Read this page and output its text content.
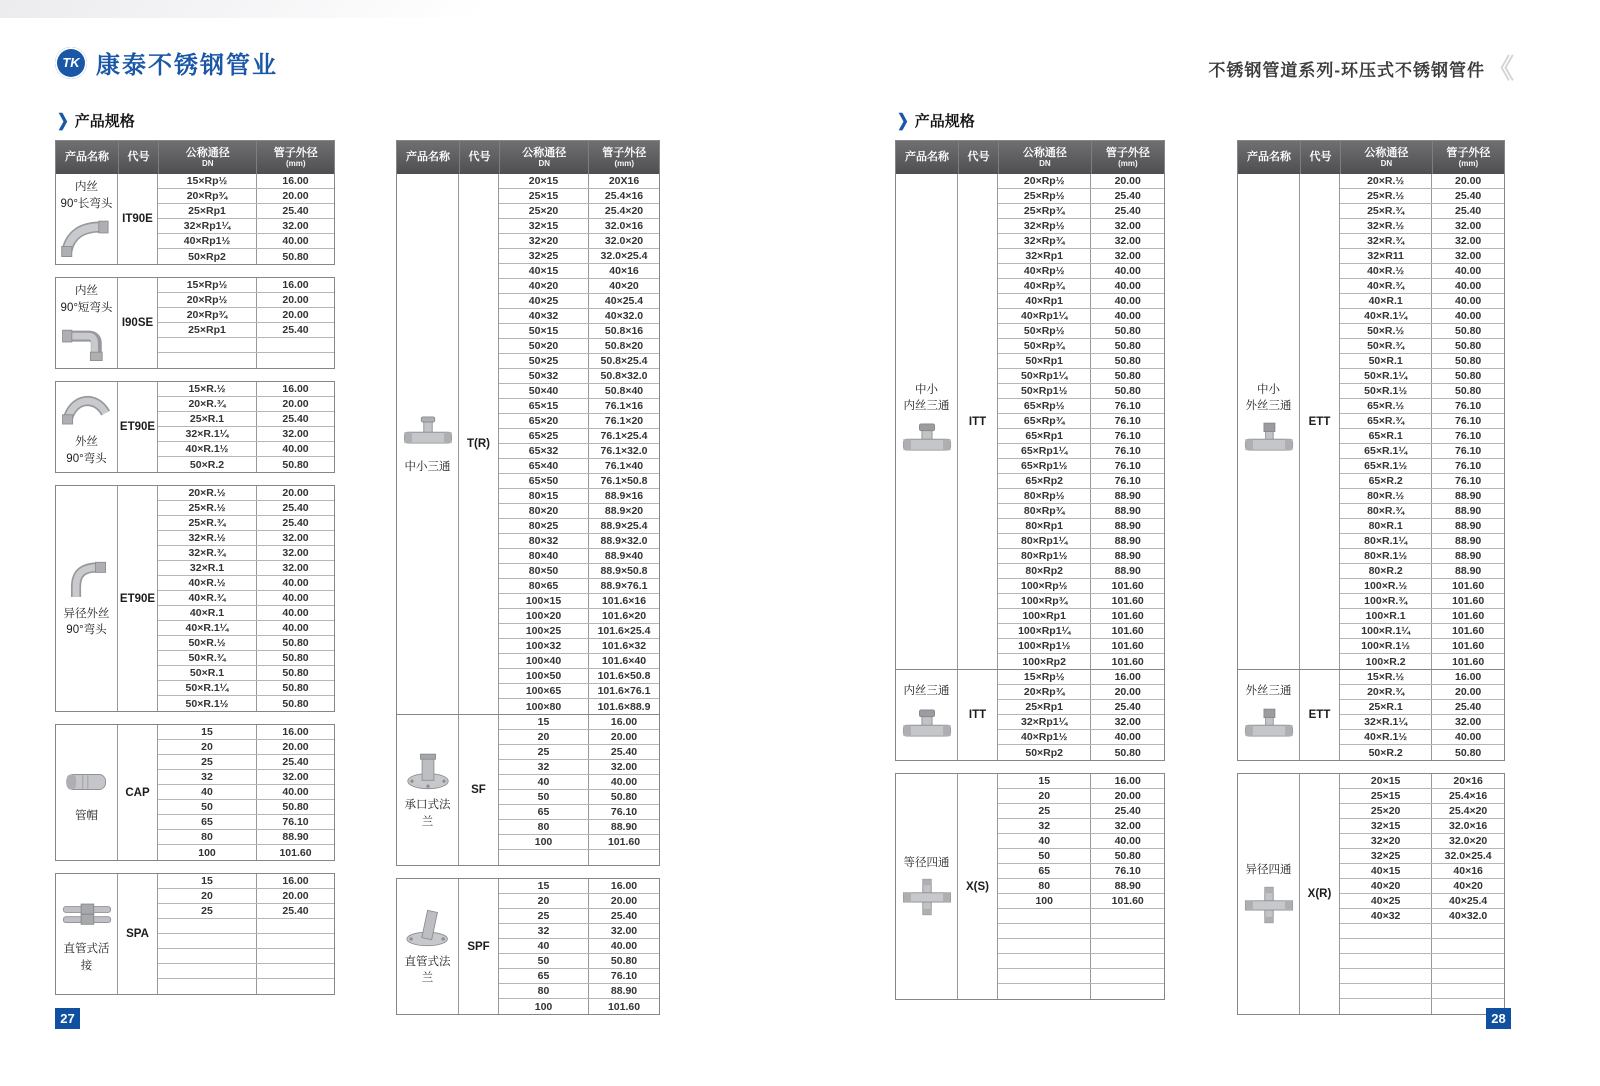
TK 康泰不锈钢管业	不锈钢管道系列-环压式不锈钢管件 《
❯ 产品规格	❯ 产品规格
产品名称	代号	公称通径
DN
管子外径
(mm)
内丝
90°长弯头
IT90E
15×Rp½	16.00
20×Rp¾	20.00
25×Rp1	25.40
32×Rp1¼	32.00
40×Rp1½	40.00
50×Rp2	50.80
内丝
90°短弯头
I90SE
15×Rp½	16.00
20×Rp½	20.00
20×Rp¾	20.00
25×Rp1	25.40
外丝
90°弯头
ET90E
15×R.½	16.00
20×R.¾	20.00
25×R.1	25.40
32×R.1¼	32.00
40×R.1½	40.00
50×R.2	50.80
异径外丝
90°弯头
ET90E
20×R.½	20.00
25×R.½	25.40
25×R.¾	25.40
32×R.½	32.00
32×R.¾	32.00
32×R.1	32.00
40×R.½	40.00
40×R.¾	40.00
40×R.1	40.00
40×R.1¼	40.00
50×R.½	50.80
50×R.¾	50.80
50×R.1	50.80
50×R.1¼	50.80
50×R.1½	50.80
管帽
CAP
15	16.00
20	20.00
25	25.40
32	32.00
40	40.00
50	50.80
65	76.10
80	88.90
100	101.60
直管式活接
SPA
15	16.00
20	20.00
25	25.40
产品名称	代号	公称通径
DN
管子外径
(mm)
中小三通
T(R)
20×15	20X16
25×15	25.4×16
25×20	25.4×20
32×15	32.0×16
32×20	32.0×20
32×25	32.0×25.4
40×15	40×16
40×20	40×20
40×25	40×25.4
40×32	40×32.0
50×15	50.8×16
50×20	50.8×20
50×25	50.8×25.4
50×32	50.8×32.0
50×40	50.8×40
65×15	76.1×16
65×20	76.1×20
65×25	76.1×25.4
65×32	76.1×32.0
65×40	76.1×40
65×50	76.1×50.8
80×15	88.9×16
80×20	88.9×20
80×25	88.9×25.4
80×32	88.9×32.0
80×40	88.9×40
80×50	88.9×50.8
80×65	88.9×76.1
100×15	101.6×16
100×20	101.6×20
100×25	101.6×25.4
100×32	101.6×32
100×40	101.6×40
100×50	101.6×50.8
100×65	101.6×76.1
100×80	101.6×88.9
承口式法兰
SF
15	16.00
20	20.00
25	25.40
32	32.00
40	40.00
50	50.80
65	76.10
80	88.90
100	101.60
直管式法兰
SPF
15	16.00
20	20.00
25	25.40
32	32.00
40	40.00
50	50.80
65	76.10
80	88.90
100	101.60
产品名称	代号	公称通径
DN
管子外径
(mm)
中小
内丝三通
ITT
20×Rp½	20.00
25×Rp½	25.40
25×Rp¾	25.40
32×Rp½	32.00
32×Rp¾	32.00
32×Rp1	32.00
40×Rp½	40.00
40×Rp¾	40.00
40×Rp1	40.00
40×Rp1¼	40.00
50×Rp½	50.80
50×Rp¾	50.80
50×Rp1	50.80
50×Rp1¼	50.80
50×Rp1½	50.80
65×Rp½	76.10
65×Rp¾	76.10
65×Rp1	76.10
65×Rp1¼	76.10
65×Rp1½	76.10
65×Rp2	76.10
80×Rp½	88.90
80×Rp¾	88.90
80×Rp1	88.90
80×Rp1¼	88.90
80×Rp1½	88.90
80×Rp2	88.90
100×Rp½	101.60
100×Rp¾	101.60
100×Rp1	101.60
100×Rp1¼	101.60
100×Rp1½	101.60
100×Rp2	101.60
内丝三通
ITT
15×Rp½	16.00
20×Rp¾	20.00
25×Rp1	25.40
32×Rp1¼	32.00
40×Rp1½	40.00
50×Rp2	50.80
等径四通
X(S)
15	16.00
20	20.00
25	25.40
32	32.00
40	40.00
50	50.80
65	76.10
80	88.90
100	101.60
产品名称	代号	公称通径
DN
管子外径
(mm)
中小
外丝三通
ETT
20×R.½	20.00
25×R.½	25.40
25×R.¾	25.40
32×R.½	32.00
32×R.¾	32.00
32×R11	32.00
40×R.½	40.00
40×R.¾	40.00
40×R.1	40.00
40×R.1¼	40.00
50×R.½	50.80
50×R.¾	50.80
50×R.1	50.80
50×R.1¼	50.80
50×R.1½	50.80
65×R.½	76.10
65×R.¾	76.10
65×R.1	76.10
65×R.1¼	76.10
65×R.1½	76.10
65×R.2	76.10
80×R.½	88.90
80×R.¾	88.90
80×R.1	88.90
80×R.1¼	88.90
80×R.1½	88.90
80×R.2	88.90
100×R.½	101.60
100×R.¾	101.60
100×R.1	101.60
100×R.1¼	101.60
100×R.1½	101.60
100×R.2	101.60
外丝三通
ETT
15×R.½	16.00
20×R.¾	20.00
25×R.1	25.40
32×R.1¼	32.00
40×R.1½	40.00
50×R.2	50.80
异径四通
X(R)
20×15	20×16
25×15	25.4×16
25×20	25.4×20
32×15	32.0×16
32×20	32.0×20
32×25	32.0×25.4
40×15	40×16
40×20	40×20
40×25	40×25.4
40×32	40×32.0
27	28
